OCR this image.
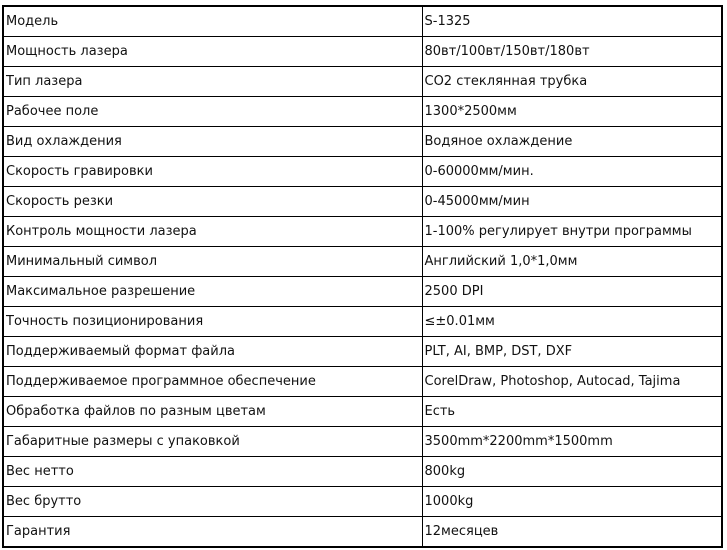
Модель	S-1325
Мощность лазера	80вт/100вт/150вт/180вт
Тип лазера	CO2 стеклянная трубка
Рабочее поле	1300*2500мм
Вид охлаждения	Водяное охлаждение
Скорость гравировки	0-60000мм/мин.
Скорость резки	0-45000мм/мин
Контроль мощности лазера	1-100% регулирует внутри программы
Минимальный символ	Английский 1,0*1,0мм
Максимальное разрешение	2500 DPI
Точность позиционирования	≤±0.01мм
Поддерживаемый формат файла	PLT, AI, BMP, DST, DXF
Поддерживаемое программное обеспечение	CorelDraw, Photoshop, Autocad, Tajima
Обработка файлов по разным цветам	Есть
Габаритные размеры с упаковкой	3500mm*2200mm*1500mm
Вес нетто	800kg
Вес брутто	1000kg
Гарантия	12месяцев
